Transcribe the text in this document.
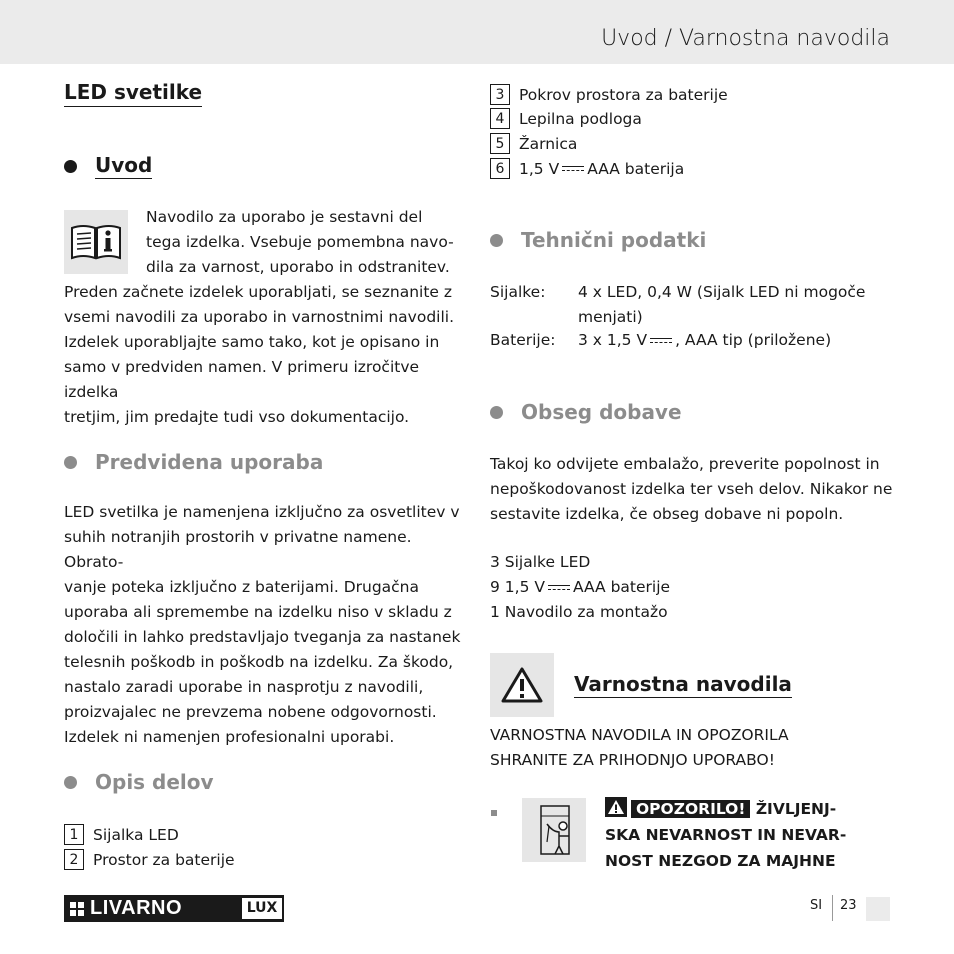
Uvod / Varnostna navodila
LED svetilke
Uvod
Navodilo za uporabo je sestavni del
tega izdelka. Vsebuje pomembna navo-
dila za varnost, uporabo in odstranitev.
Preden začnete izdelek uporabljati, se seznanite z
vsemi navodili za uporabo in varnostnimi navodili.
Izdelek uporabljajte samo tako, kot je opisano in
samo v predviden namen. V primeru izročitve izdelka
tretjim, jim predajte tudi vso dokumentacijo.
Predvidena uporaba
LED svetilka je namenjena izključno za osvetlitev v
suhih notranjih prostorih v privatne namene. Obrato-
vanje poteka izključno z baterijami. Drugačna
uporaba ali spremembe na izdelku niso v skladu z
določili in lahko predstavljajo tveganja za nastanek
telesnih poškodb in poškodb na izdelku. Za škodo,
nastalo zaradi uporabe in nasprotju z navodili,
proizvajalec ne prevzema nobene odgovornosti.
Izdelek ni namenjen profesionalni uporabi.
Opis delov
1 Sijalka LED
2 Prostor za baterije
3 Pokrov prostora za baterije
4 Lepilna podloga
5 Žarnica
6 1,5 V AAA baterija
Tehnični podatki
Sijalke:	4 x LED, 0,4 W (Sijalk LED ni mogoče
menjati)
Baterije:	3 x 1,5 V , AAA tip (priložene)
Obseg dobave
Takoj ko odvijete embalažo, preverite popolnost in
nepoškodovanost izdelka ter vseh delov. Nikakor ne
sestavite izdelka, če obseg dobave ni popoln.
3 Sijalke LED
9 1,5 V AAA baterije
1 Navodilo za montažo
Varnostna navodila
VARNOSTNA NAVODILA IN OPOZORILA
SHRANITE ZA PRIHODNJO UPORABO!
OPOZORILO! ŽIVLJENJ-
SKA NEVARNOST IN NEVAR-
NOST NEZGOD ZA MAJHNE
LIVARNO	LUX	SI 23
